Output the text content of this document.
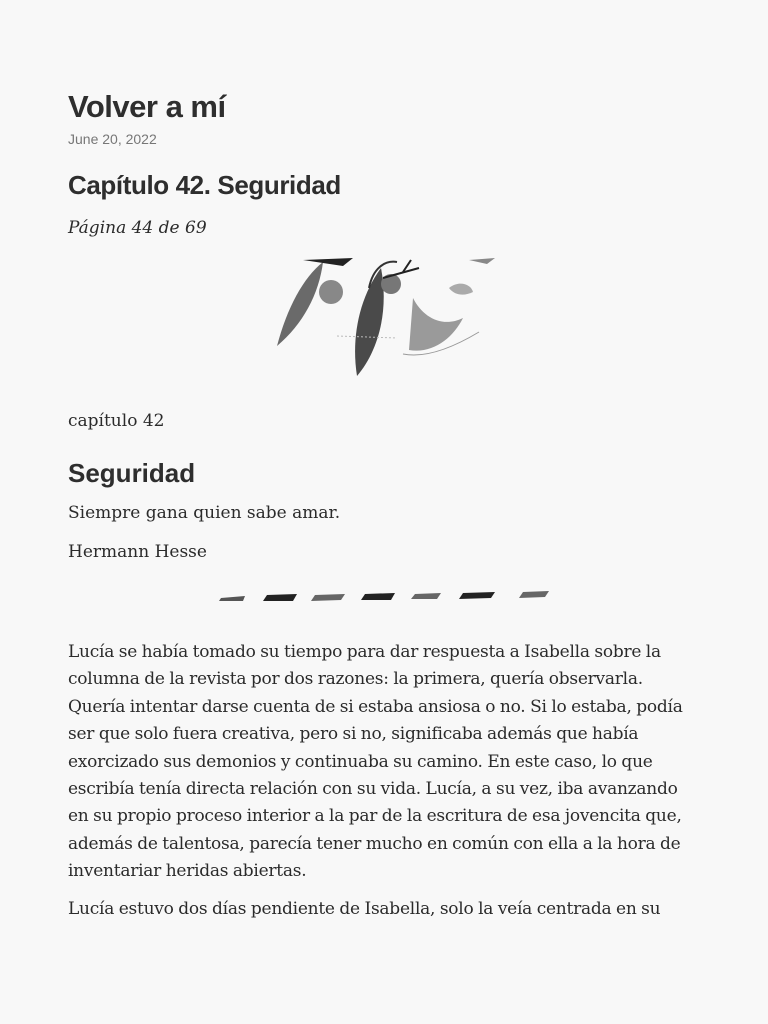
Volver a mí
June 20, 2022
Capítulo 42. Seguridad
Página 44 de 69
capítulo 42
Seguridad
Siempre gana quien sabe amar.
Hermann Hesse

Lucía se había tomado su tiempo para dar respuesta a Isabella sobre la columna de la revista por dos razones: la primera, quería observarla. Quería intentar darse cuenta de si estaba ansiosa o no. Si lo estaba, podía ser que solo fuera creativa, pero si no, significaba además que había exorcizado sus demonios y continuaba su camino. En este caso, lo que escribía tenía directa relación con su vida. Lucía, a su vez, iba avanzando en su propio proceso interior a la par de la escritura de esa jovencita que, además de talentosa, parecía tener mucho en común con ella a la hora de inventariar heridas abiertas.

Lucía estuvo dos días pendiente de Isabella, solo la veía centrada en su
